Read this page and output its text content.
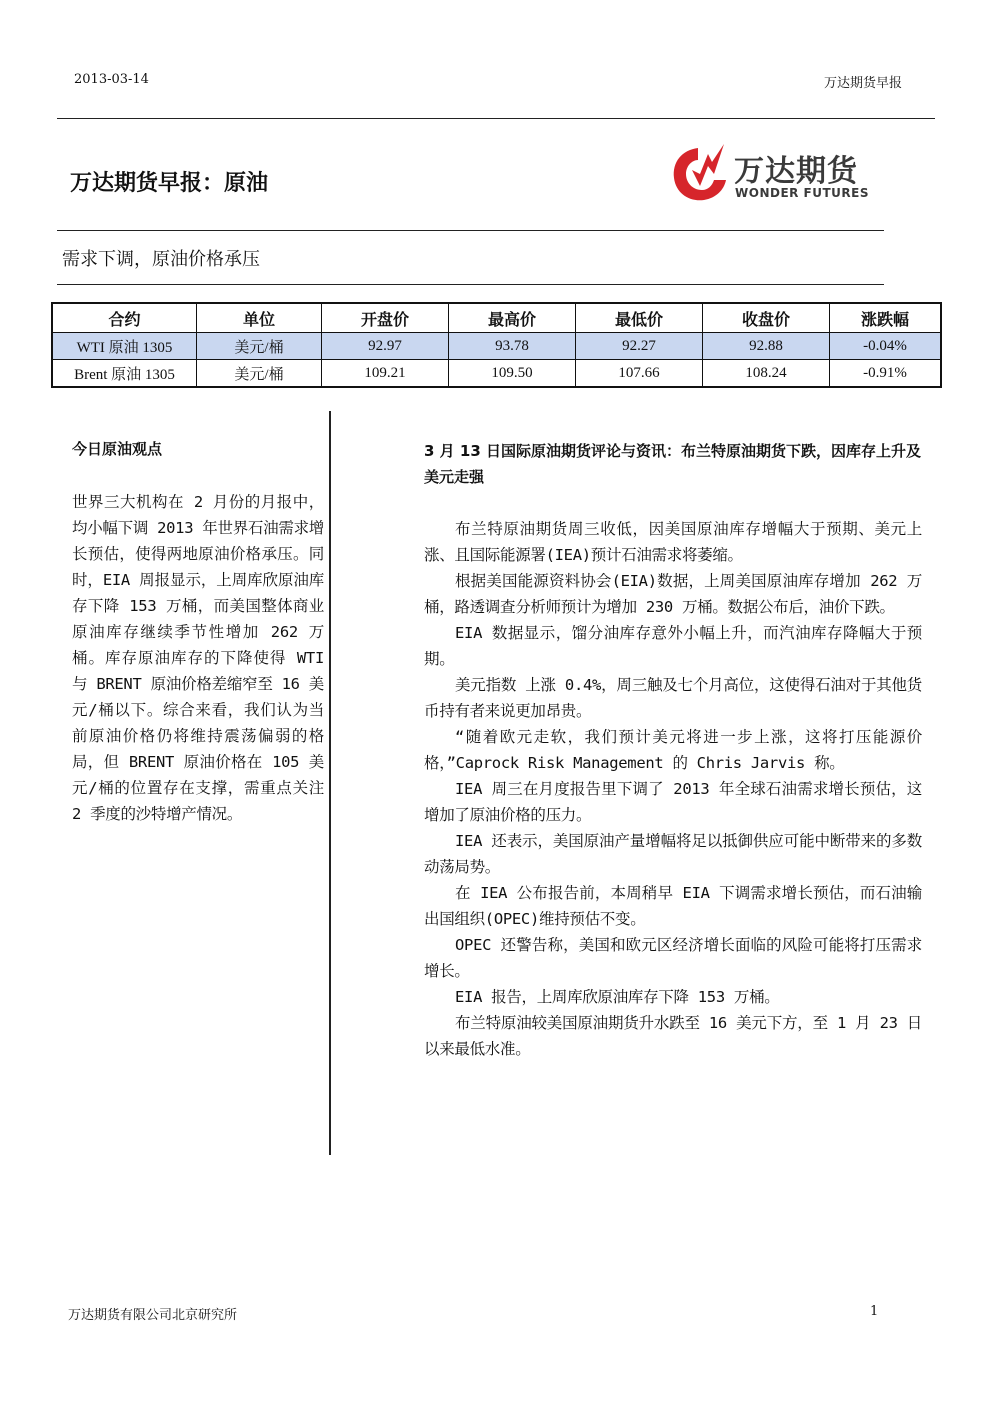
2013-03-14	万达期货早报
万达期货早报：原油	万达期货
WONDER FUTURES
需求下调，原油价格承压
合约	单位	开盘价	最高价	最低价	收盘价	涨跌幅
WTI 原油 1305	美元/桶	92.97	93.78	92.27	92.88	-0.04%
Brent 原油 1305	美元/桶	109.21	109.50	107.66	108.24	-0.91%
今日原油观点
世界三大机构在 2 月份的月报中，均小幅下调 2013 年世界石油需求增长预估，使得两地原油价格承压。同时，EIA 周报显示，上周库欣原油库存下降 153 万桶，而美国整体商业原油库存继续季节性增加 262 万桶。库存原油库存的下降使得 WTI 与 BRENT 原油价格差缩窄至 16 美元/桶以下。综合来看，我们认为当前原油价格仍将维持震荡偏弱的格局，但 BRENT 原油价格在 105 美元/桶的位置存在支撑，需重点关注 2 季度的沙特增产情况。
3 月 13 日国际原油期货评论与资讯：布兰特原油期货下跌，因库存上升及美元走强

布兰特原油期货周三收低，因美国原油库存增幅大于预期、美元上涨、且国际能源署(IEA)预计石油需求将萎缩。

根据美国能源资料协会(EIA)数据，上周美国原油库存增加 262 万桶，路透调查分析师预计为增加 230 万桶。数据公布后，油价下跌。

EIA 数据显示，馏分油库存意外小幅上升，而汽油库存降幅大于预期。

美元指数 上涨 0.4%，周三触及七个月高位，这使得石油对于其他货币持有者来说更加昂贵。

“随着欧元走软，我们预计美元将进一步上涨，这将打压能源价格，”Caprock Risk Management 的 Chris Jarvis 称。

IEA 周三在月度报告里下调了 2013 年全球石油需求增长预估，这增加了原油价格的压力。

IEA 还表示，美国原油产量增幅将足以抵御供应可能中断带来的多数动荡局势。

在 IEA 公布报告前，本周稍早 EIA 下调需求增长预估，而石油输出国组织(OPEC)维持预估不变。

OPEC 还警告称，美国和欧元区经济增长面临的风险可能将打压需求增长。

EIA 报告，上周库欣原油库存下降 153 万桶。

布兰特原油较美国原油期货升水跌至 16 美元下方，至 1 月 23 日以来最低水准。

万达期货有限公司北京研究所	1
